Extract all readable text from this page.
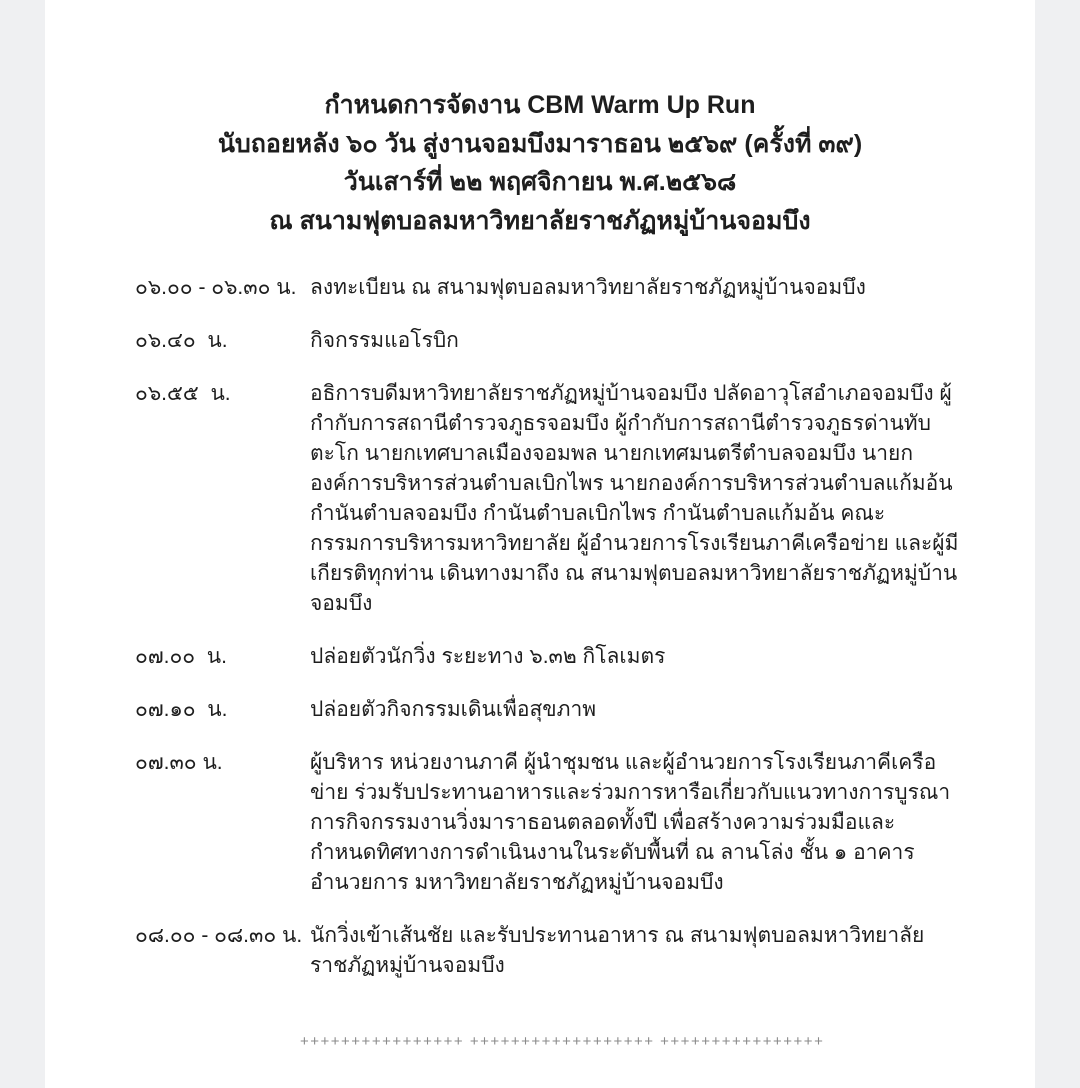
กำหนดการจัดงาน CBM Warm Up Run
นับถอยหลัง ๖๐ วัน สู่งานจอมบึงมาราธอน ๒๕๖๙ (ครั้งที่ ๓๙)
วันเสาร์ที่ ๒๒ พฤศจิกายน พ.ศ.๒๕๖๘
ณ สนามฟุตบอลมหาวิทยาลัยราชภัฏหมู่บ้านจอมบึง
๐๖.๐๐ - ๐๖.๓๐ น. ลงทะเบียน ณ สนามฟุตบอลมหาวิทยาลัยราชภัฏหมู่บ้านจอมบึง
๐๖.๔๐  น.	กิจกรรมแอโรบิก
๐๖.๕๕  น.	อธิการบดีมหาวิทยาลัยราชภัฏหมู่บ้านจอมบึง ปลัดอาวุโสอำเภอจอมบึง ผู้กำกับการสถานีตำรวจภูธรจอมบึง ผู้กำกับการสถานีตำรวจภูธรด่านทับตะโก นายกเทศบาลเมืองจอมพล นายกเทศมนตรีตำบลจอมบึง นายกองค์การบริหารส่วนตำบลเบิกไพร นายกองค์การบริหารส่วนตำบลแก้มอ้น กำนันตำบลจอมบึง กำนันตำบลเบิกไพร กำนันตำบลแก้มอ้น คณะกรรมการบริหารมหาวิทยาลัย ผู้อำนวยการโรงเรียนภาคีเครือข่าย และผู้มีเกียรติทุกท่าน เดินทางมาถึง ณ สนามฟุตบอลมหาวิทยาลัยราชภัฏหมู่บ้านจอมบึง
๐๗.๐๐  น.	ปล่อยตัวนักวิ่ง ระยะทาง ๖.๓๒ กิโลเมตร
๐๗.๑๐  น.	ปล่อยตัวกิจกรรมเดินเพื่อสุขภาพ
๐๗.๓๐ น.	ผู้บริหาร หน่วยงานภาคี ผู้นำชุมชน และผู้อำนวยการโรงเรียนภาคีเครือข่าย ร่วมรับประทานอาหารและร่วมการหารือเกี่ยวกับแนวทางการบูรณาการกิจกรรมงานวิ่งมาราธอนตลอดทั้งปี เพื่อสร้างความร่วมมือและกำหนดทิศทางการดำเนินงานในระดับพื้นที่ ณ ลานโล่ง ชั้น ๑ อาคารอำนวยการ มหาวิทยาลัยราชภัฏหมู่บ้านจอมบึง
๐๘.๐๐ - ๐๘.๓๐ น. นักวิ่งเข้าเส้นชัย และรับประทานอาหาร ณ สนามฟุตบอลมหาวิทยาลัยราชภัฏหมู่บ้านจอมบึง
++++++++++++++++ ++++++++++++++++++ ++++++++++++++++
